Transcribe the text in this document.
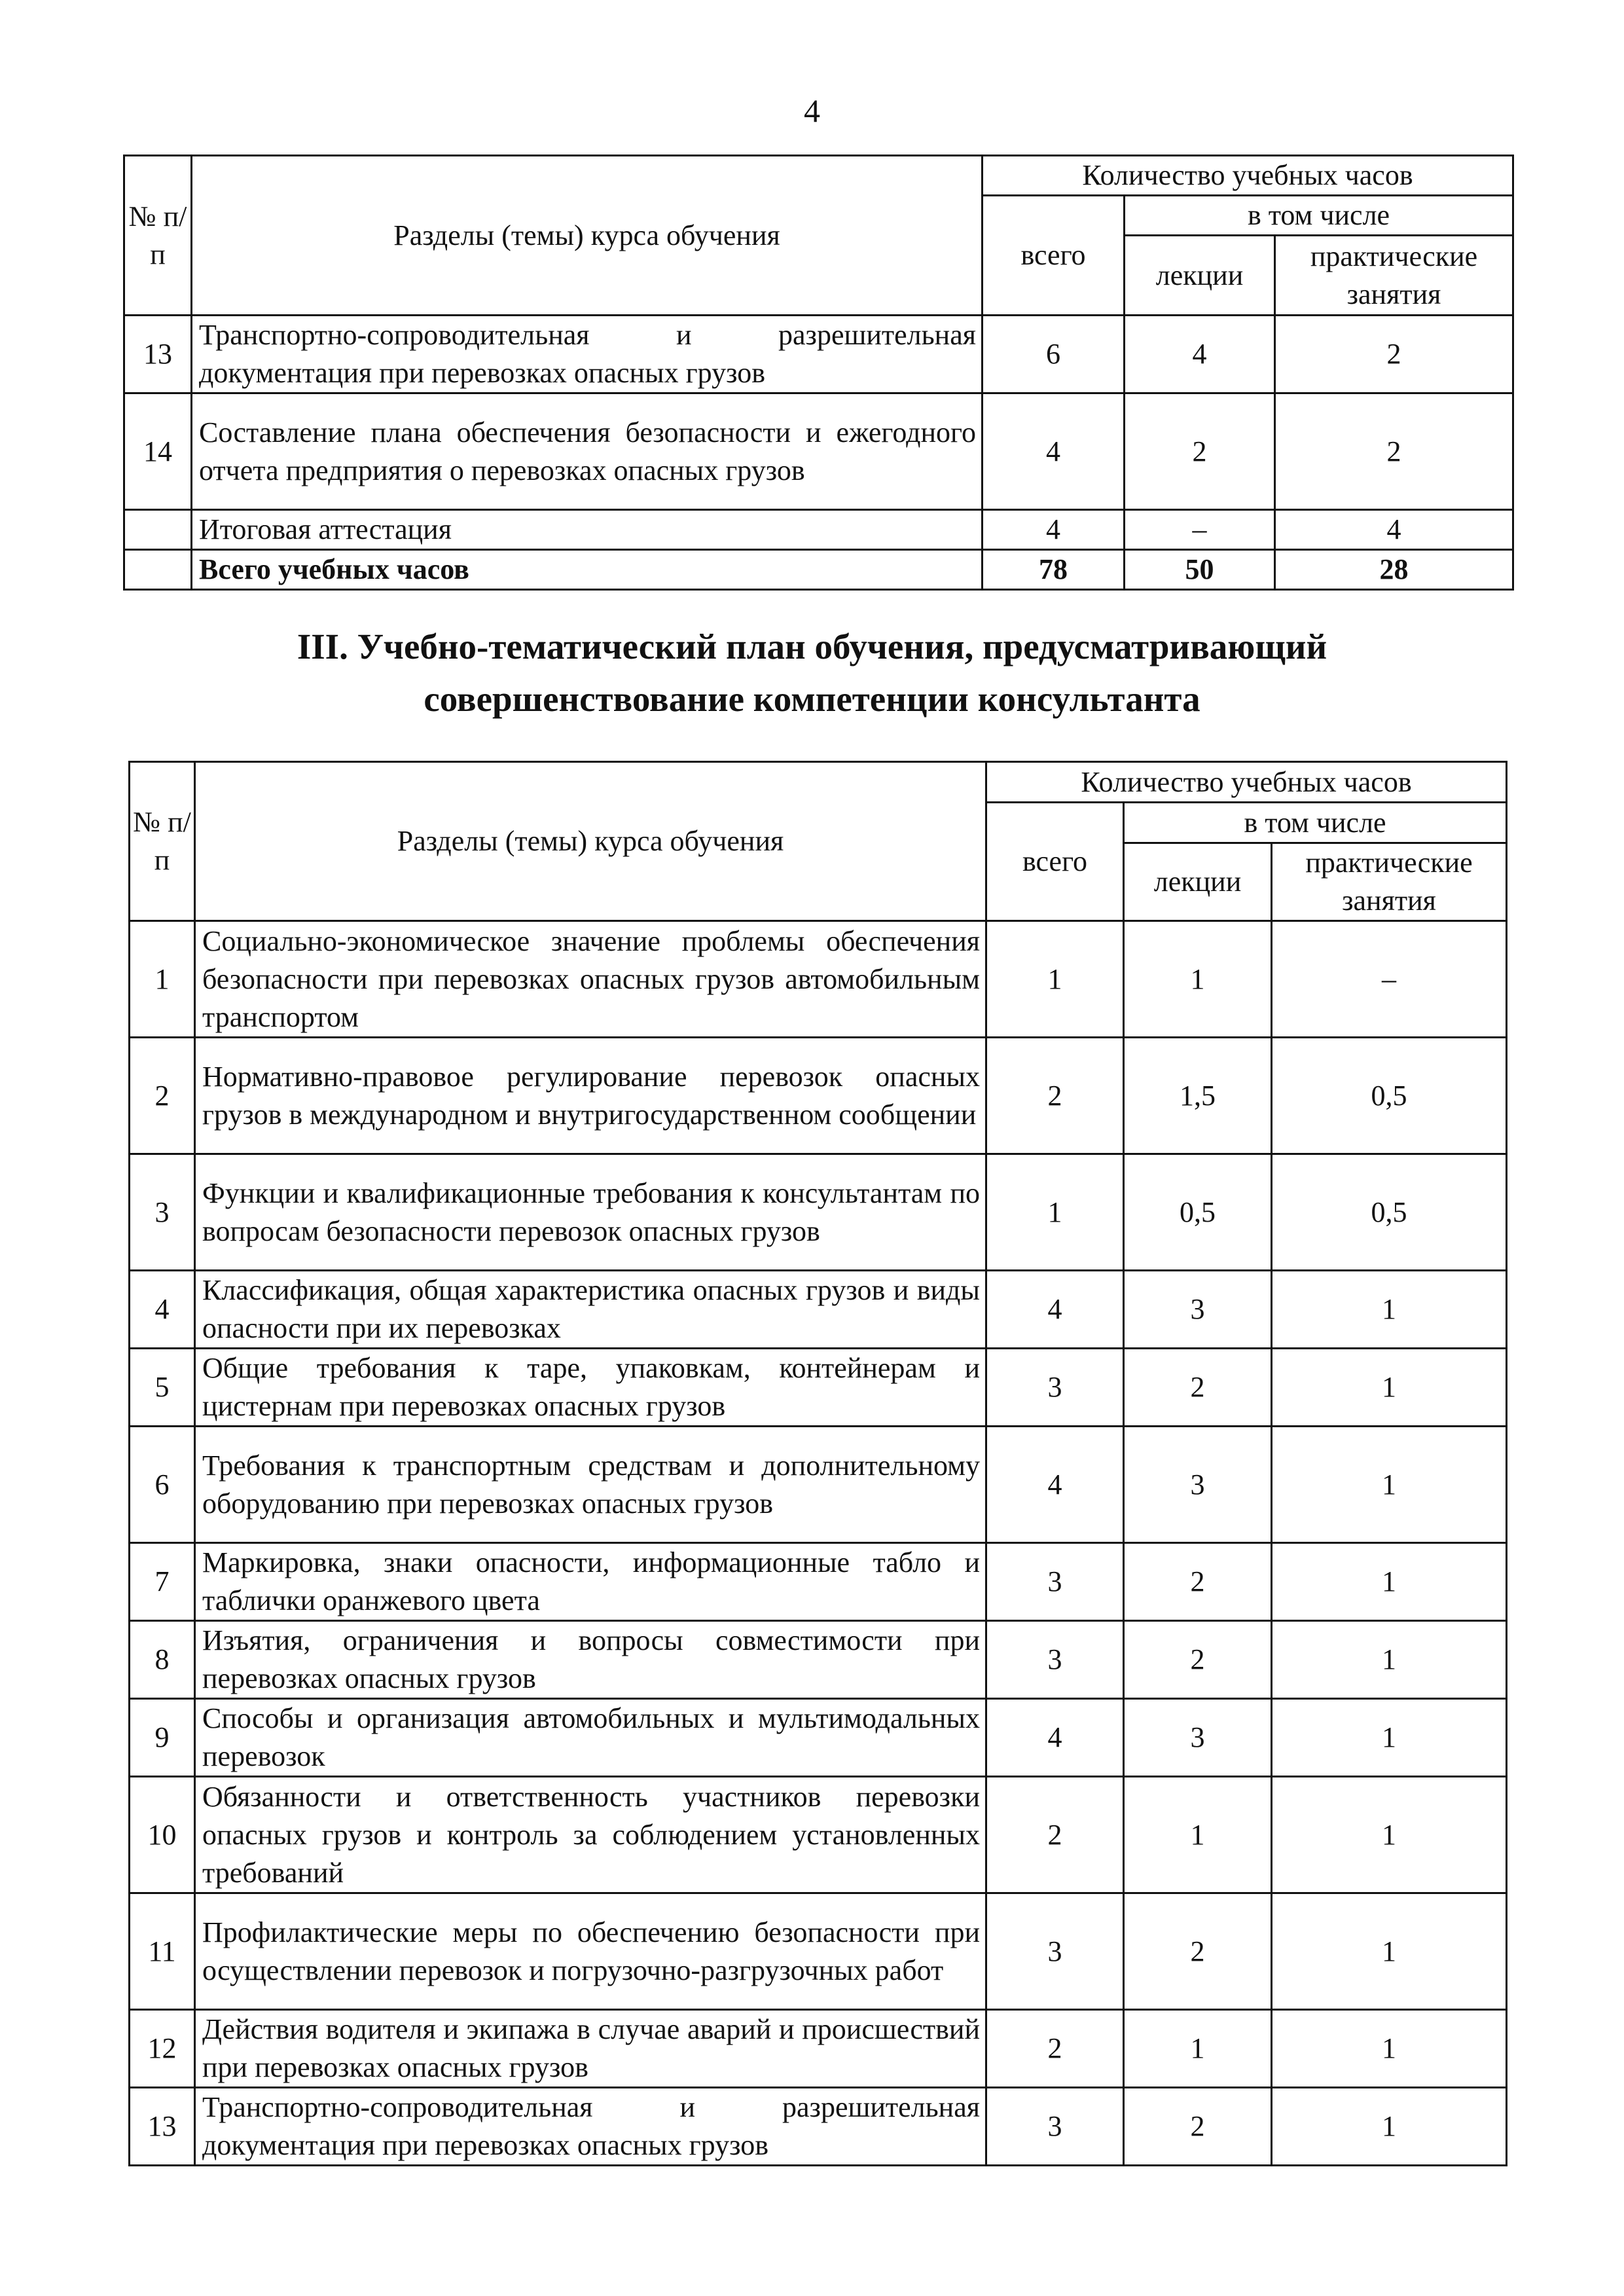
4
№ п/п	Разделы (темы) курса обучения	Количество учебных часов		
		всего	в том числе	
			лекции	практические занятия
13	Транспортно-сопроводительная и разрешительная документация при перевозках опасных грузов	6	4	2
14	Составление плана обеспечения безопасности и ежегодного отчета предприятия о перевозках опасных грузов	4	2	2
	Итоговая аттестация	4	–	4
	Всего учебных часов	78	50	28
III. Учебно-тематический план обучения, предусматривающий
совершенствование компетенции консультанта
№ п/п	Разделы (темы) курса обучения	Количество учебных часов		
		всего	в том числе	
			лекции	практические занятия
1	Социально-экономическое значение проблемы обеспечения безопасности при перевозках опасных грузов автомобильным транспортом	1	1	–
2	Нормативно-правовое регулирование перевозок опасных грузов в международном и внутригосударственном сообщении	2	1,5	0,5
3	Функции и квалификационные требования к консультантам по вопросам безопасности перевозок опасных грузов	1	0,5	0,5
4	Классификация, общая характеристика опасных грузов и виды опасности при их перевозках	4	3	1
5	Общие требования к таре, упаковкам, контейнерам и цистернам при перевозках опасных грузов	3	2	1
6	Требования к транспортным средствам и дополнительному оборудованию при перевозках опасных грузов	4	3	1
7	Маркировка, знаки опасности, информационные табло и таблички оранжевого цвета	3	2	1
8	Изъятия, ограничения и вопросы совместимости при перевозках опасных грузов	3	2	1
9	Способы и организация автомобильных и мультимодальных перевозок	4	3	1
10	Обязанности и ответственность участников перевозки опасных грузов и контроль за соблюдением установленных требований	2	1	1
11	Профилактические меры по обеспечению безопасности при осуществлении перевозок и погрузочно-разгрузочных работ	3	2	1
12	Действия водителя и экипажа в случае аварий и происшествий при перевозках опасных грузов	2	1	1
13	Транспортно-сопроводительная и разрешительная документация при перевозках опасных грузов	3	2	1
